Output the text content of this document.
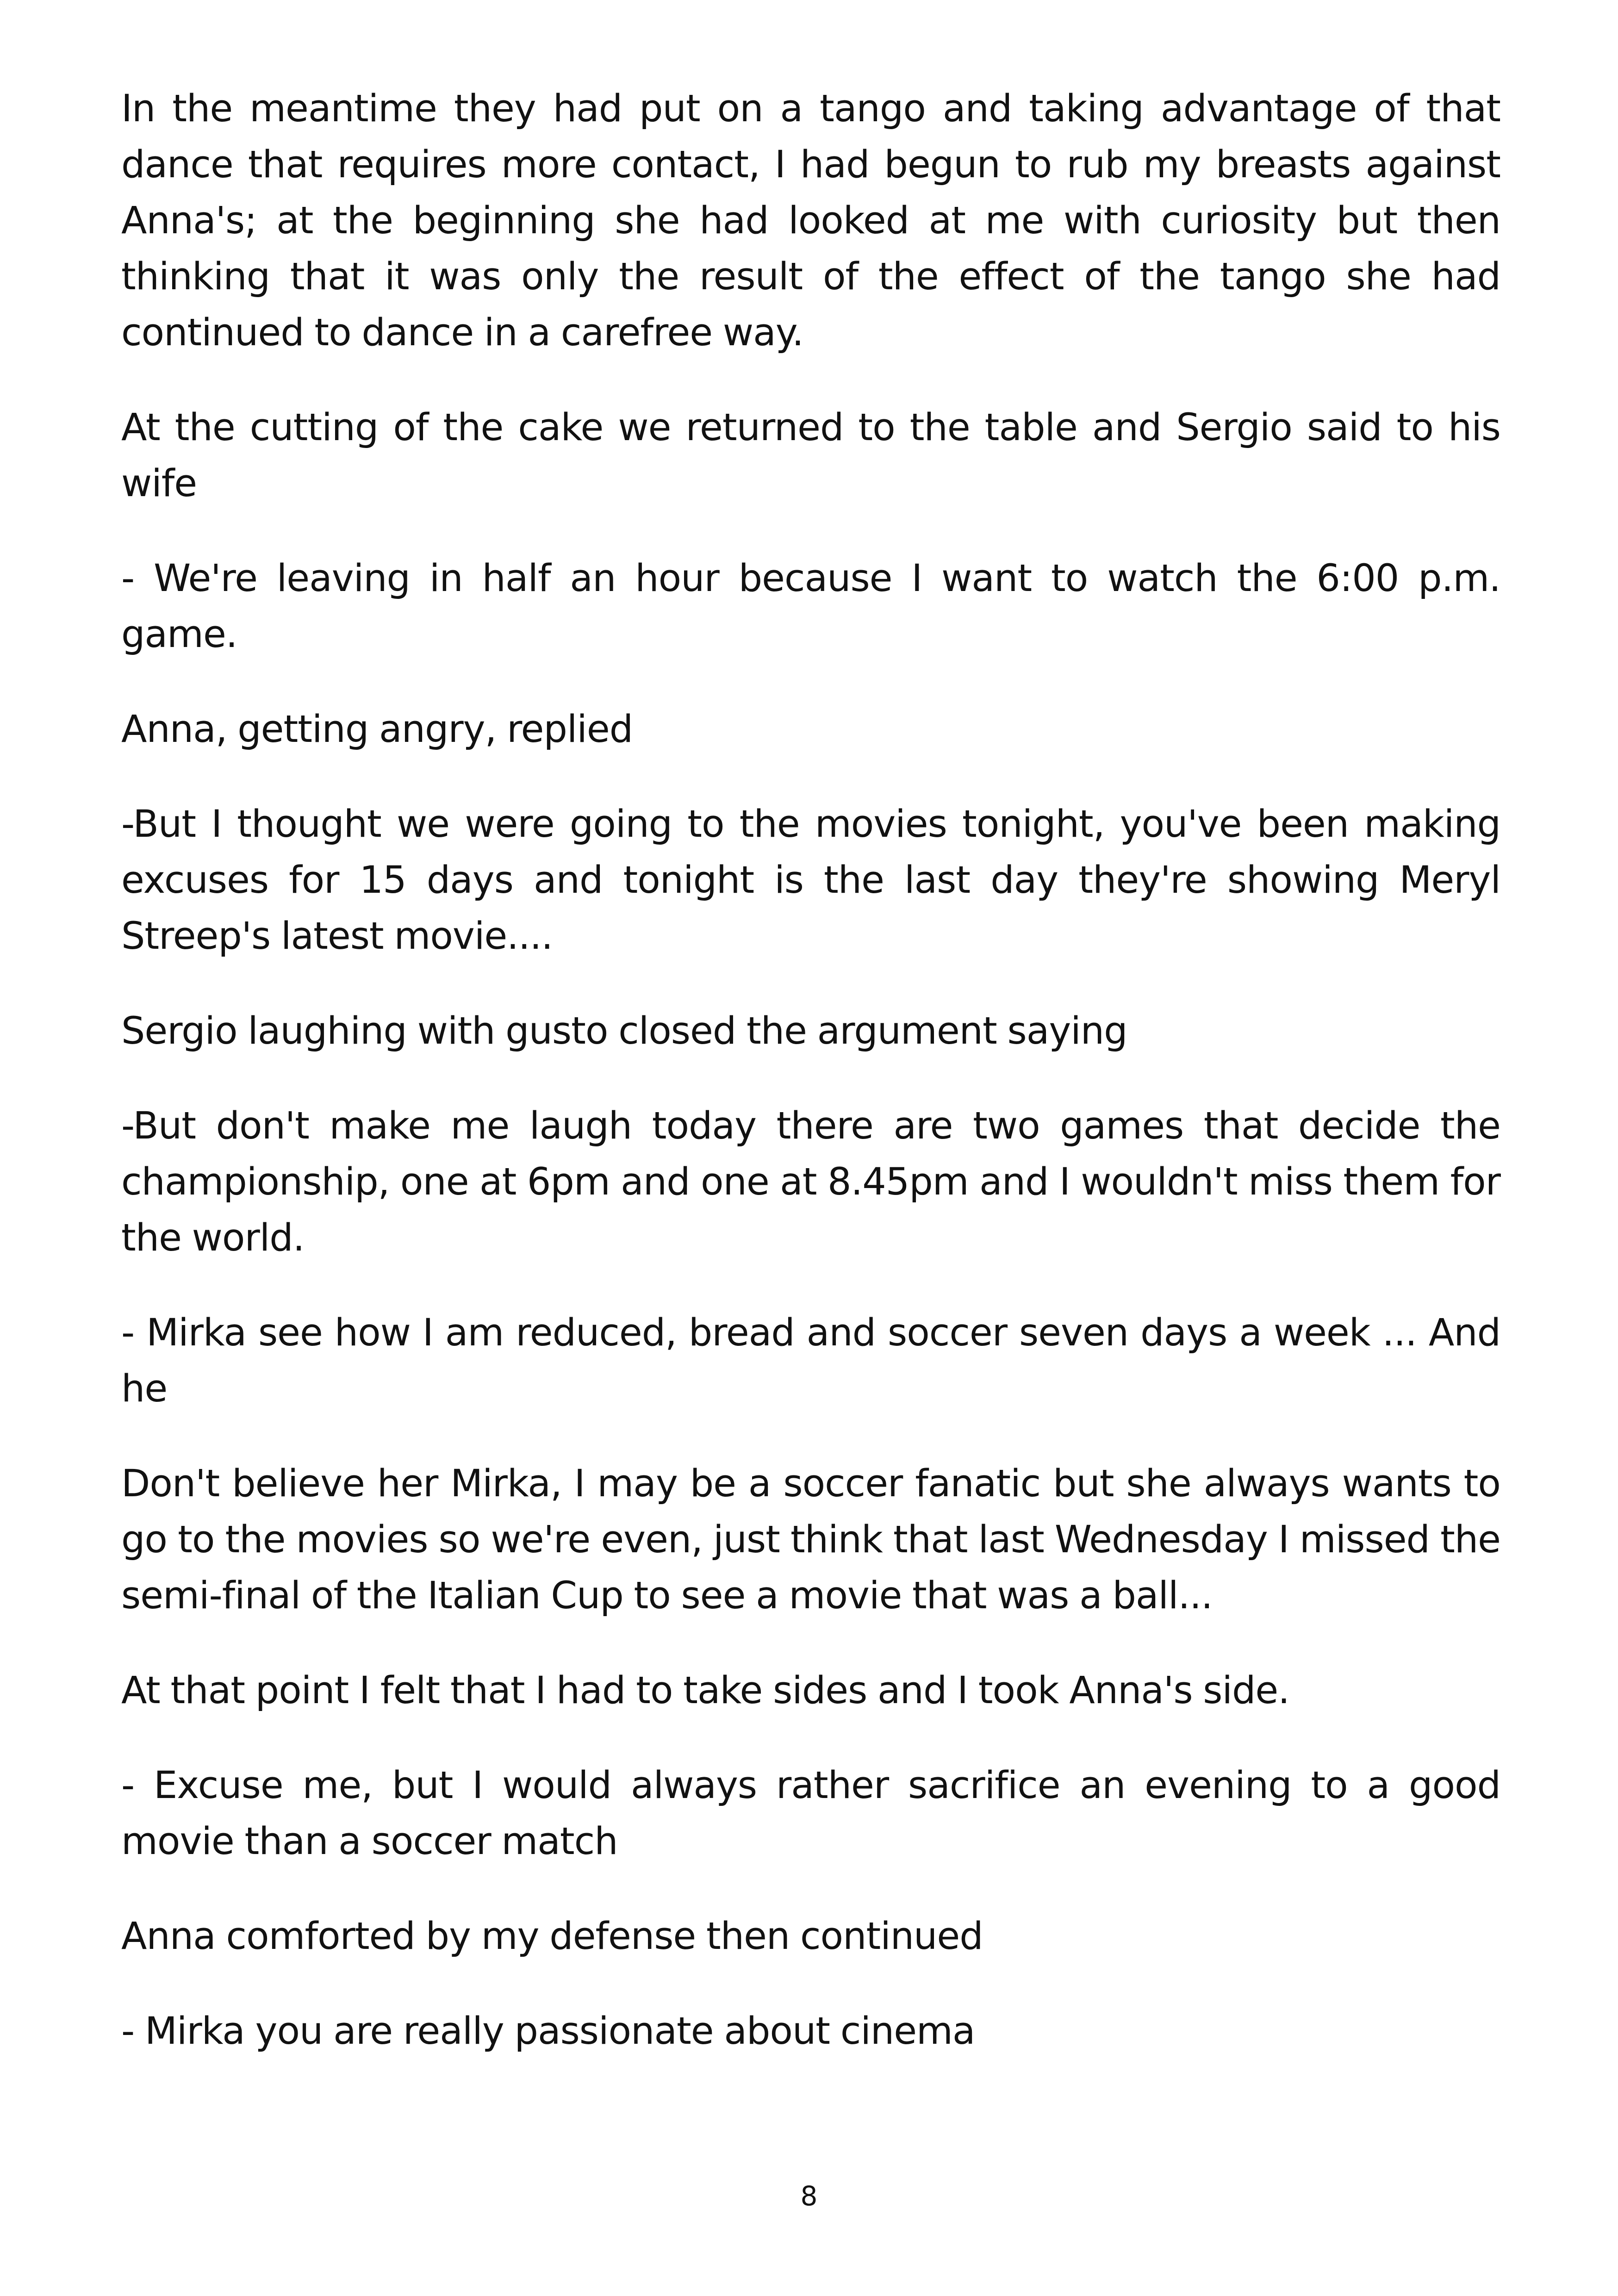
In the meantime they had put on a tango and taking advantage of that dance that requires more contact, I had begun to rub my breasts against Anna's; at the beginning she had looked at me with curiosity but then thinking that it was only the result of the effect of the tango she had continued to dance in a carefree way.

At the cutting of the cake we returned to the table and Sergio said to his wife

- We're leaving in half an hour because I want to watch the 6:00 p.m. game.

Anna, getting angry, replied

-But I thought we were going to the movies tonight, you've been making excuses for 15 days and tonight is the last day they're showing Meryl Streep's latest movie....

Sergio laughing with gusto closed the argument saying

-But don't make me laugh today there are two games that decide the championship, one at 6pm and one at 8.45pm and I wouldn't miss them for the world.

- Mirka see how I am reduced, bread and soccer seven days a week ... And he

Don't believe her Mirka, I may be a soccer fanatic but she always wants to go to the movies so we're even, just think that last Wednesday I missed the semi-final of the Italian Cup to see a movie that was a ball...

At that point I felt that I had to take sides and I took Anna's side.

- Excuse me, but I would always rather sacrifice an evening to a good movie than a soccer match

Anna comforted by my defense then continued

- Mirka you are really passionate about cinema

8
